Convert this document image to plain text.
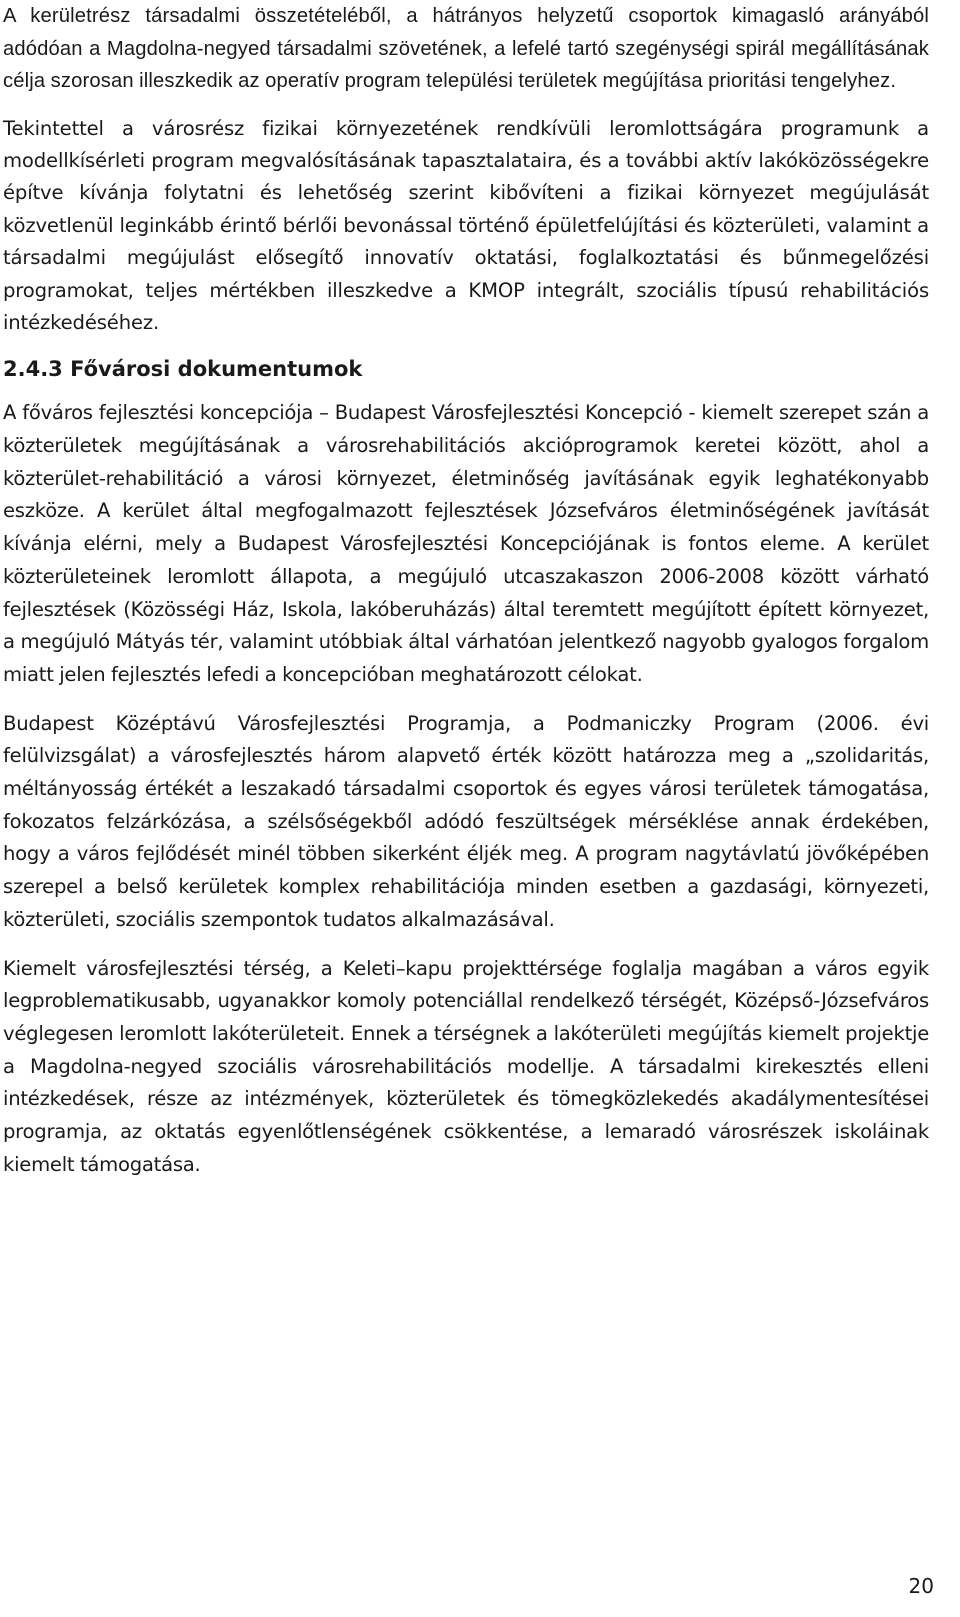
A kerületrész társadalmi összetételéből, a hátrányos helyzetű csoportok kimagasló arányából adódóan a Magdolna-negyed társadalmi szövetének, a lefelé tartó szegénységi spirál megállításának célja szorosan illeszkedik az operatív program települési területek megújítása prioritási tengelyhez.

Tekintettel a városrész fizikai környezetének rendkívüli leromlottságára programunk a modellkísérleti program megvalósításának tapasztalataira, és a további aktív lakóközösségekre építve kívánja folytatni és lehetőség szerint kibővíteni a fizikai környezet megújulását közvetlenül leginkább érintő bérlői bevonással történő épületfelújítási és közterületi, valamint a társadalmi megújulást elősegítő innovatív oktatási, foglalkoztatási és bűnmegelőzési programokat, teljes mértékben illeszkedve a KMOP integrált, szociális típusú rehabilitációs intézkedéséhez.

2.4.3 Fővárosi dokumentumok

A főváros fejlesztési koncepciója – Budapest Városfejlesztési Koncepció - kiemelt szerepet szán a közterületek megújításának a városrehabilitációs akcióprogramok keretei között, ahol a közterület-rehabilitáció a városi környezet, életminőség javításának egyik leghatékonyabb eszköze. A kerület által megfogalmazott fejlesztések Józsefváros életminőségének javítását kívánja elérni, mely a Budapest Városfejlesztési Koncepciójának is fontos eleme. A kerület közterületeinek leromlott állapota, a megújuló utcaszakaszon 2006-2008 között várható fejlesztések (Közösségi Ház, Iskola, lakóberuházás) által teremtett megújított épített környezet, a megújuló Mátyás tér, valamint utóbbiak által várhatóan jelentkező nagyobb gyalogos forgalom miatt jelen fejlesztés lefedi a koncepcióban meghatározott célokat.

Budapest Középtávú Városfejlesztési Programja, a Podmaniczky Program (2006. évi felülvizsgálat) a városfejlesztés három alapvető érték között határozza meg a „szolidaritás, méltányosság értékét a leszakadó társadalmi csoportok és egyes városi területek támogatása, fokozatos felzárkózása, a szélsőségekből adódó feszültségek mérséklése annak érdekében, hogy a város fejlődését minél többen sikerként éljék meg. A program nagytávlatú jövőképében szerepel a belső kerületek komplex rehabilitációja minden esetben a gazdasági, környezeti, közterületi, szociális szempontok tudatos alkalmazásával.

Kiemelt városfejlesztési térség, a Keleti–kapu projekttérsége foglalja magában a város egyik legproblematikusabb, ugyanakkor komoly potenciállal rendelkező térségét, Középső-Józsefváros véglegesen leromlott lakóterületeit. Ennek a térségnek a lakóterületi megújítás kiemelt projektje a Magdolna-negyed szociális városrehabilitációs modellje. A társadalmi kirekesztés elleni intézkedések, része az intézmények, közterületek és tömegközlekedés akadálymentesítései programja, az oktatás egyenlőtlenségének csökkentése, a lemaradó városrészek iskoláinak kiemelt támogatása.

20
